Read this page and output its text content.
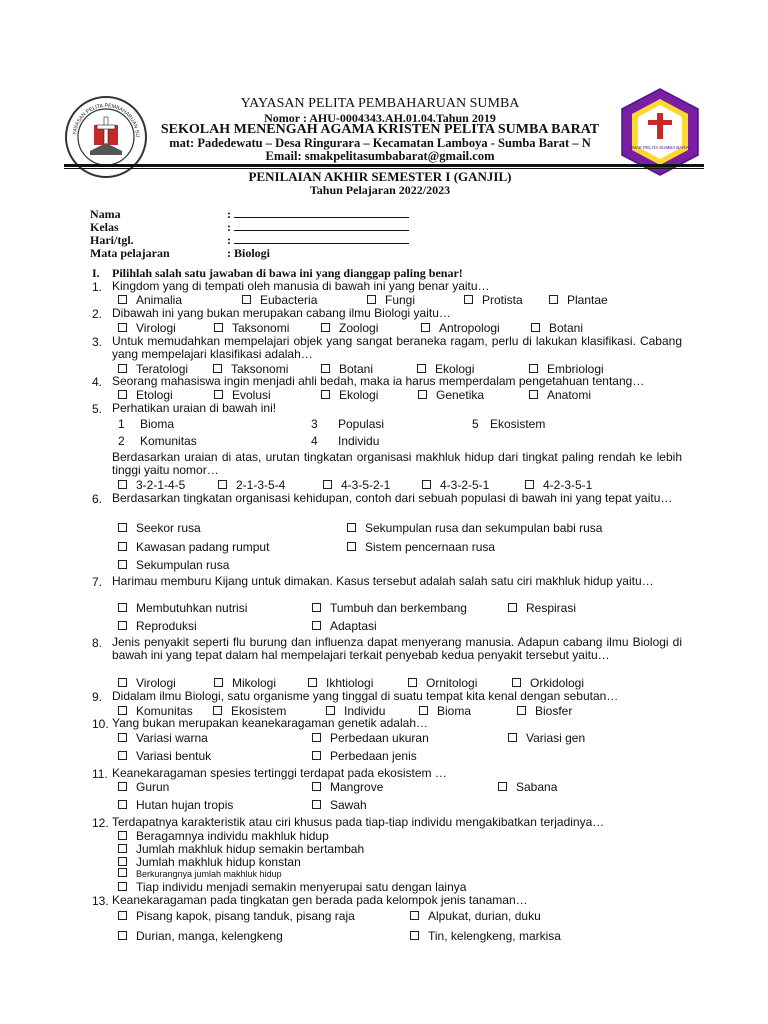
YAYASAN PELITA PEMBAHARUAN SU
SMAK PELITA SUMBA BARAT
YAYASAN PELITA PEMBAHARUAN SUMBA
Nomor : AHU-0004343.AH.01.04.Tahun 2019
SEKOLAH MENENGAH AGAMA KRISTEN PELITA SUMBA BARAT
mat: Padedewatu – Desa Ringurara – Kecamatan Lamboya - Sumba Barat – N
Email: smakpelitasumbabarat@gmail.com
PENILAIAN AKHIR SEMESTER I (GANJIL)
Tahun Pelajaran 2022/2023
Nama	:
Kelas	:
Hari/tgl.	:
Mata pelajaran	: Biologi
I. Pilihlah salah satu jawaban di bawa ini yang dianggap paling benar!
1. Kingdom yang di tempati oleh manusia di bawah ini yang benar yaitu…
Animalia	Eubacteria	Fungi	Protista	Plantae
2. Dibawah ini yang bukan merupakan cabang ilmu Biologi yaitu…
Virologi	Taksonomi	Zoologi	Antropologi	Botani
3. Untuk memudahkan mempelajari objek yang sangat beraneka ragam, perlu di lakukan klasifikasi. Cabang yang mempelajari klasifikasi adalah…
Teratologi	Taksonomi	Botani	Ekologi	Embriologi
4. Seorang mahasiswa ingin menjadi ahli bedah, maka ia harus memperdalam pengetahuan tentang…
Etologi	Evolusi	Ekologi	Genetika	Anatomi
5. Perhatikan uraian di bawah ini!
1 Bioma	3 Populasi	5 Ekosistem
2 Komunitas	4 Individu
Berdasarkan uraian di atas, urutan tingkatan organisasi makhluk hidup dari tingkat paling rendah ke lebih tinggi yaitu nomor…
3-2-1-4-5	2-1-3-5-4	4-3-5-2-1	4-3-2-5-1	4-2-3-5-1
6. Berdasarkan tingkatan organisasi kehidupan, contoh dari sebuah populasi di bawah ini yang tepat yaitu…
Seekor rusa	Sekumpulan rusa dan sekumpulan babi rusa
Kawasan padang rumput	Sistem pencernaan rusa
Sekumpulan rusa
7. Harimau memburu Kijang untuk dimakan. Kasus tersebut adalah salah satu ciri makhluk hidup yaitu…
Membutuhkan nutrisi	Tumbuh dan berkembang	Respirasi
Reproduksi	Adaptasi
8. Jenis penyakit seperti flu burung dan influenza dapat menyerang manusia. Adapun cabang ilmu Biologi di bawah ini yang tepat dalam hal mempelajari terkait penyebab kedua penyakit tersebut yaitu…
Virologi	Mikologi	Ikhtiologi	Ornitologi	Orkidologi
9. Didalam ilmu Biologi, satu organisme yang tinggal di suatu tempat kita kenal dengan sebutan…
Komunitas	Ekosistem	Individu	Bioma	Biosfer
10. Yang bukan merupakan keanekaragaman genetik adalah…
Variasi warna	Perbedaan ukuran	Variasi gen
Variasi bentuk	Perbedaan jenis
11. Keanekaragaman spesies tertinggi terdapat pada ekosistem …
Gurun	Mangrove	Sabana
Hutan hujan tropis	Sawah
12. Terdapatnya karakteristik atau ciri khusus pada tiap-tiap individu mengakibatkan terjadinya…
Beragamnya individu makhluk hidup
Jumlah makhluk hidup semakin bertambah
Jumlah makhluk hidup konstan
Berkurangnya jumlah makhluk hidup
Tiap individu menjadi semakin menyerupai satu dengan lainya
13. Keanekaragaman pada tingkatan gen berada pada kelompok jenis tanaman…
Pisang kapok, pisang tanduk, pisang raja	Alpukat, durian, duku
Durian, manga, kelengkeng	Tin, kelengkeng, markisa
